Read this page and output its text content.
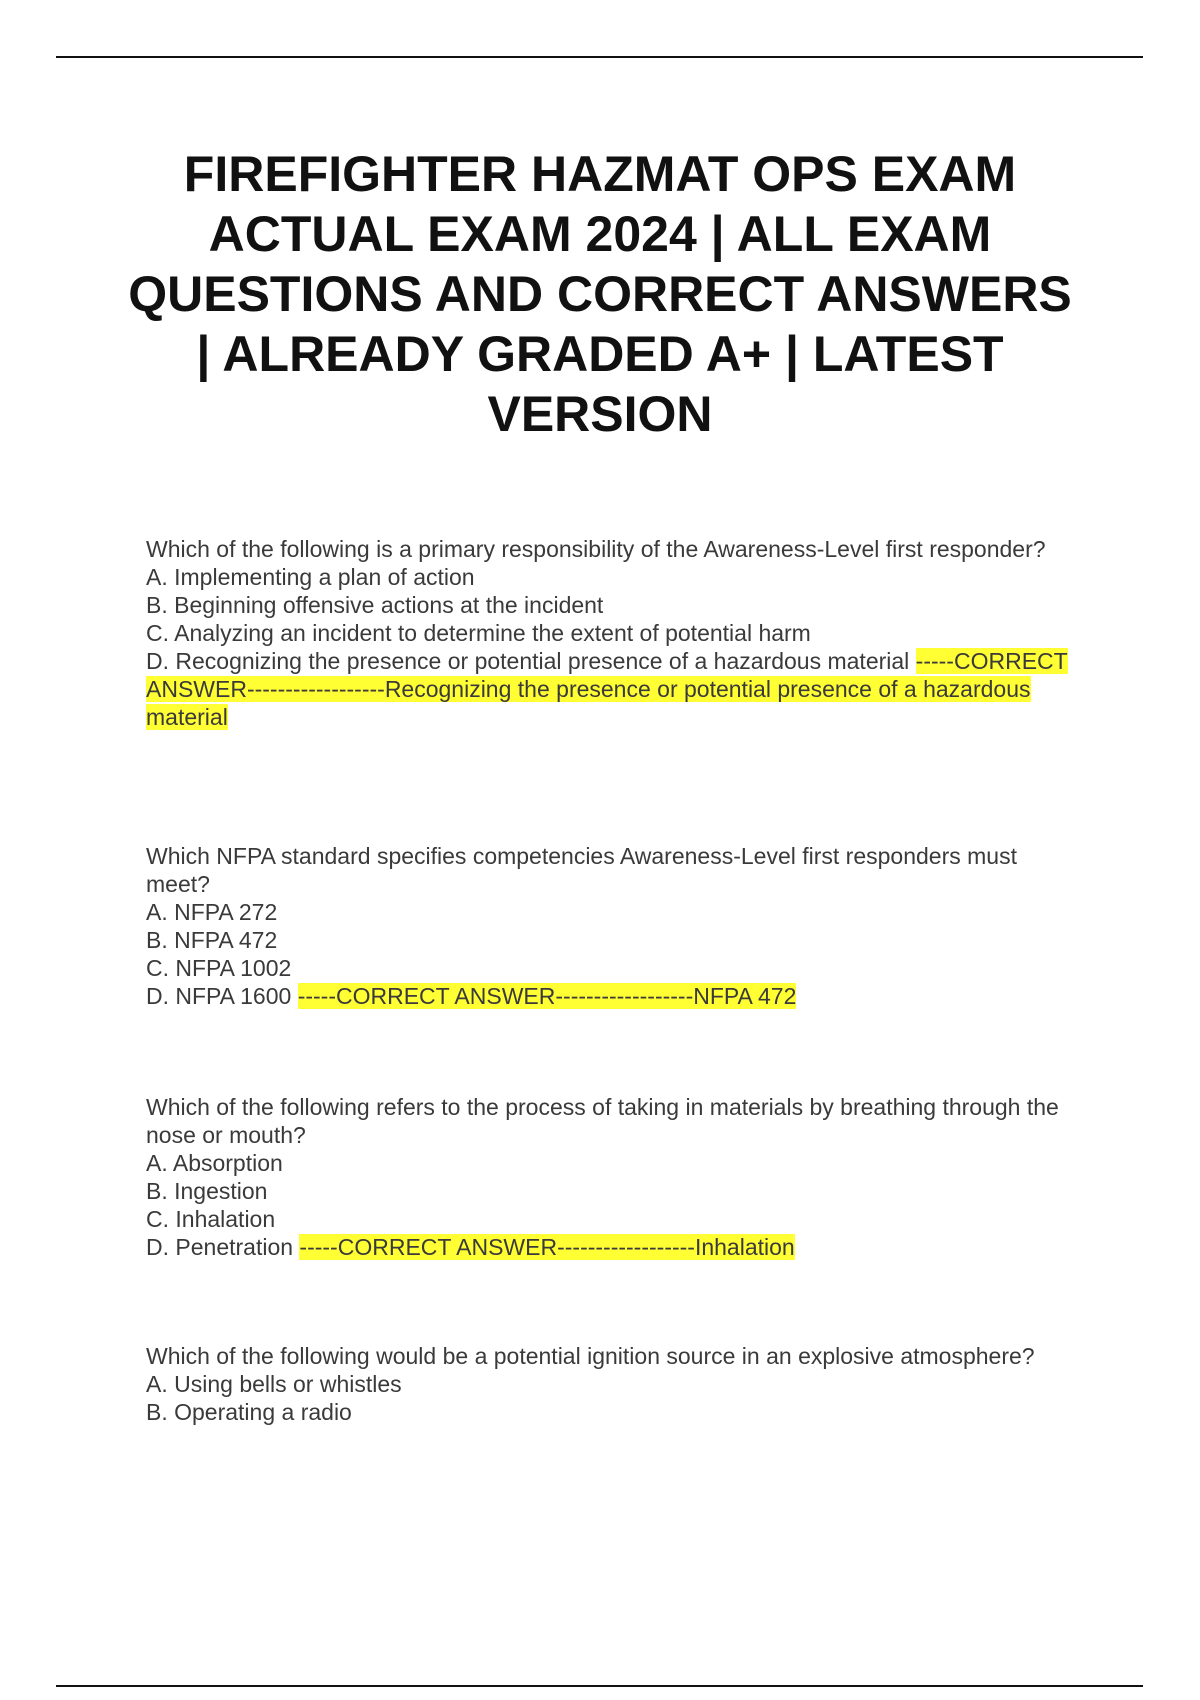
FIREFIGHTER HAZMAT OPS EXAM ACTUAL EXAM 2024 | ALL EXAM QUESTIONS AND CORRECT ANSWERS | ALREADY GRADED A+ | LATEST VERSION

Which of the following is a primary responsibility of the Awareness-Level first responder?

A. Implementing a plan of action

B. Beginning offensive actions at the incident

C. Analyzing an incident to determine the extent of potential harm

D. Recognizing the presence or potential presence of a hazardous material -----CORRECT ANSWER------------------Recognizing the presence or potential presence of a hazardous material

Which NFPA standard specifies competencies Awareness-Level first responders must meet?

A. NFPA 272

B. NFPA 472

C. NFPA 1002

D. NFPA 1600 -----CORRECT ANSWER------------------NFPA 472

Which of the following refers to the process of taking in materials by breathing through the nose or mouth?

A. Absorption

B. Ingestion

C. Inhalation

D. Penetration -----CORRECT ANSWER------------------Inhalation

Which of the following would be a potential ignition source in an explosive atmosphere?

A. Using bells or whistles

B. Operating a radio
